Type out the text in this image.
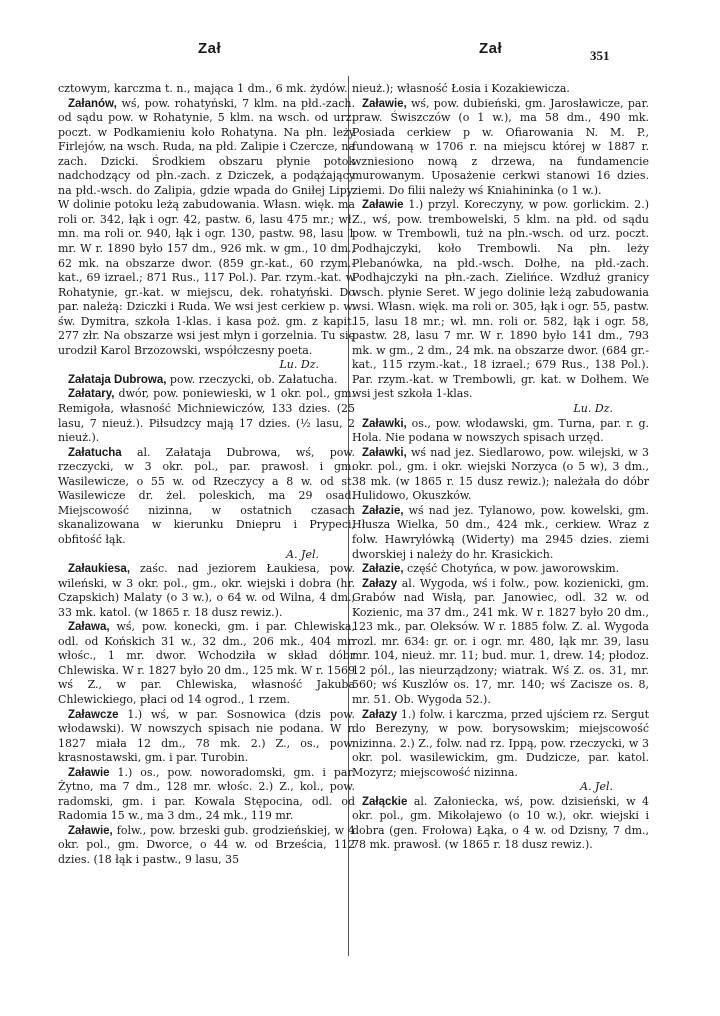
Zał	Zał	351

cztowym, karczma t. n., mająca 1 dm., 6 mk. żydów.

Załanów, wś, pow. rohatyński, 7 klm. na płd.-zach. od sądu pow. w Rohatynie, 5 klm. na wsch. od urz. poczt. w Podkamieniu koło Rohatyna. Na płn. leży Firlejów, na wsch. Ruda, na płd. Zalipie i Czercze, na zach. Dzicki. Środkiem obszaru płynie potok nadchodzący od płn.-zach. z Dziczek, a podążający na płd.-wsch. do Zalipia, gdzie wpada do Gniłej Lipy. W dolinie potoku leżą zabudowania. Własn. więk. ma roli or. 342, łąk i ogr. 42, pastw. 6, lasu 475 mr.; wł. mn. ma roli or. 940, łąk i ogr. 130, pastw. 98, lasu 1 mr. W r. 1890 było 157 dm., 926 mk. w gm., 10 dm., 62 mk. na obszarze dwor. (859 gr.-kat., 60 rzym.-kat., 69 izrael.; 871 Rus., 117 Pol.). Par. rzym.-kat. w Rohatynie, gr.-kat. w miejscu, dek. rohatyński. Do par. należą: Dziczki i Ruda. We wsi jest cerkiew p. w. św. Dymitra, szkoła 1-klas. i kasa poż. gm. z kapit. 277 złr. Na obszarze wsi jest młyn i gorzelnia. Tu się urodził Karol Brzozowski, współczesny poeta.
Lu. Dz.

Załataja Dubrowa, pow. rzeczycki, ob. Załatucha.

Załatary, dwór, pow. poniewieski, w 1 okr. pol., gm. Remigoła, własność Michniewiczów, 133 dzies. (25 lasu, 7 nieuż.). Piłsudzcy mają 17 dzies. (½ lasu, 2 nieuż.).

Załatucha al. Załataja Dubrowa, wś, pow. rzeczycki, w 3 okr. pol., par. prawosł. i gm. Wasilewicze, o 55 w. od Rzeczycy a 8 w. od st. Wasilewicze dr. żel. poleskich, ma 29 osad. Miejscowość nizinna, w ostatnich czasach skanalizowana w kierunku Dniepru i Prypeci, obfitość łąk.
A. Jel.

Załaukiesa, zaśc. nad jeziorem Łaukiesa, pow. wileński, w 3 okr. pol., gm., okr. wiejski i dobra (hr. Czapskich) Malaty (o 3 w.), o 64 w. od Wilna, 4 dm., 33 mk. katol. (w 1865 r. 18 dusz rewiz.).

Zaława, wś, pow. konecki, gm. i par. Chlewiska, odl. od Końskich 31 w., 32 dm., 206 mk., 404 mr. włośc., 1 mr. dwor. Wchodziła w skład dóbr Chlewiska. W r. 1827 było 20 dm., 125 mk. W r. 1569 wś Z., w par. Chlewiska, własność Jakuba Chlewickiego, płaci od 14 ogrod., 1 rzem.

Załawcze 1.) wś, w par. Sosnowica (dzis pow. włodawski). W nowszych spisach nie podana. W r. 1827 miała 12 dm., 78 mk. 2.) Z., os., pow. krasnostawski, gm. i par. Turobin.

Załawie 1.) os., pow. noworadomski, gm. i par. Żytno, ma 7 dm., 128 mr. włośc. 2.) Z., kol., pow. radomski, gm. i par. Kowala Stępocina, odl. od Radomia 15 w., ma 3 dm., 24 mk., 119 mr.

Załawie, folw., pow. brzeski gub. grodzieńskiej, w 4 okr. pol., gm. Dworce, o 44 w. od Brześcia, 112 dzies. (18 łąk i pastw., 9 lasu, 35

nieuż.); własność Łosia i Kozakiewicza.

Załawie, wś, pow. dubieński, gm. Jarosławicze, par. praw. Świszczów (o 1 w.), ma 58 dm., 490 mk. Posiada cerkiew p w. Ofiarowania N. M. P., fundowaną w 1706 r. na miejscu której w 1887 r. wzniesiono nową z drzewa, na fundamencie murowanym. Uposażenie cerkwi stanowi 16 dzies. ziemi. Do filii należy wś Kniahininka (o 1 w.).

Załawie 1.) przyl. Koreczyny, w pow. gorlickim. 2.) Z., wś, pow. trembowelski, 5 klm. na płd. od sądu pow. w Trembowli, tuż na płn.-wsch. od urz. poczt. Podhajczyki, koło Trembowli. Na płn. leży Plebanówka, na płd.-wsch. Dołhe, na płd.-zach. Podhajczyki na płn.-zach. Zielińce. Wzdłuż granicy wsch. płynie Seret. W jego dolinie leżą zabudowania wsi. Własn. więk. ma roli or. 305, łąk i ogr. 55, pastw. 15, lasu 18 mr.; wł. mn. roli or. 582, łąk i ogr. 58, pastw. 28, lasu 7 mr. W r. 1890 było 141 dm., 793 mk. w gm., 2 dm., 24 mk. na obszarze dwor. (684 gr.-kat., 115 rzym.-kat., 18 izrael.; 679 Rus., 138 Pol.). Par. rzym.-kat. w Trembowli, gr. kat. w Dołhem. We wsi jest szkoła 1-klas.
Lu. Dz.

Załawki, os., pow. włodawski, gm. Turna, par. r. g. Hola. Nie podana w nowszych spisach urzęd.

Załawki, wś nad jez. Siedlarowo, pow. wilejski, w 3 okr. pol., gm. i okr. wiejski Norzyca (o 5 w), 3 dm., 38 mk. (w 1865 r. 15 dusz rewiz.); należała do dóbr Hulidowo, Okuszków.

Załazie, wś nad jez. Tylanowo, pow. kowelski, gm. Hłusza Wielka, 50 dm., 424 mk., cerkiew. Wraz z folw. Hawryłówką (Widerty) ma 2945 dzies. ziemi dworskiej i należy do hr. Krasickich.

Załazie, część Chotyńca, w pow. jaworowskim.

Załazy al. Wygoda, wś i folw., pow. kozienicki, gm. Grabów nad Wisłą, par. Janowiec, odl. 32 w. od Kozienic, ma 37 dm., 241 mk. W r. 1827 było 20 dm., 123 mk., par. Oleksów. W r. 1885 folw. Z. al. Wygoda rozl. mr. 634: gr. or. i ogr. mr. 480, łąk mr. 39, lasu mr. 104, nieuż. mr. 11; bud. mur. 1, drew. 14; płodoz. 12 pól., las nieurządzony; wiatrak. Wś Z. os. 31, mr. 560; wś Kuszlów os. 17, mr. 140; wś Zacisze os. 8, mr. 51. Ob. Wygoda 52.).

Załazy 1.) folw. i karczma, przed ujściem rz. Sergut do Berezyny, w pow. borysowskim; miejscowość nizinna. 2.) Z., folw. nad rz. Ippą, pow. rzeczycki, w 3 okr. pol. wasilewickim, gm. Dudzicze, par. katol. Mozyrz; miejscowość nizinna.
A. Jel.

Załąckie al. Załoniecka, wś, pow. dzisieński, w 4 okr. pol., gm. Mikołajewo (o 10 w.), okr. wiejski i dobra (gen. Frołowa) Łąka, o 4 w. od Dzisny, 7 dm., 78 mk. prawosł. (w 1865 r. 18 dusz rewiz.).
